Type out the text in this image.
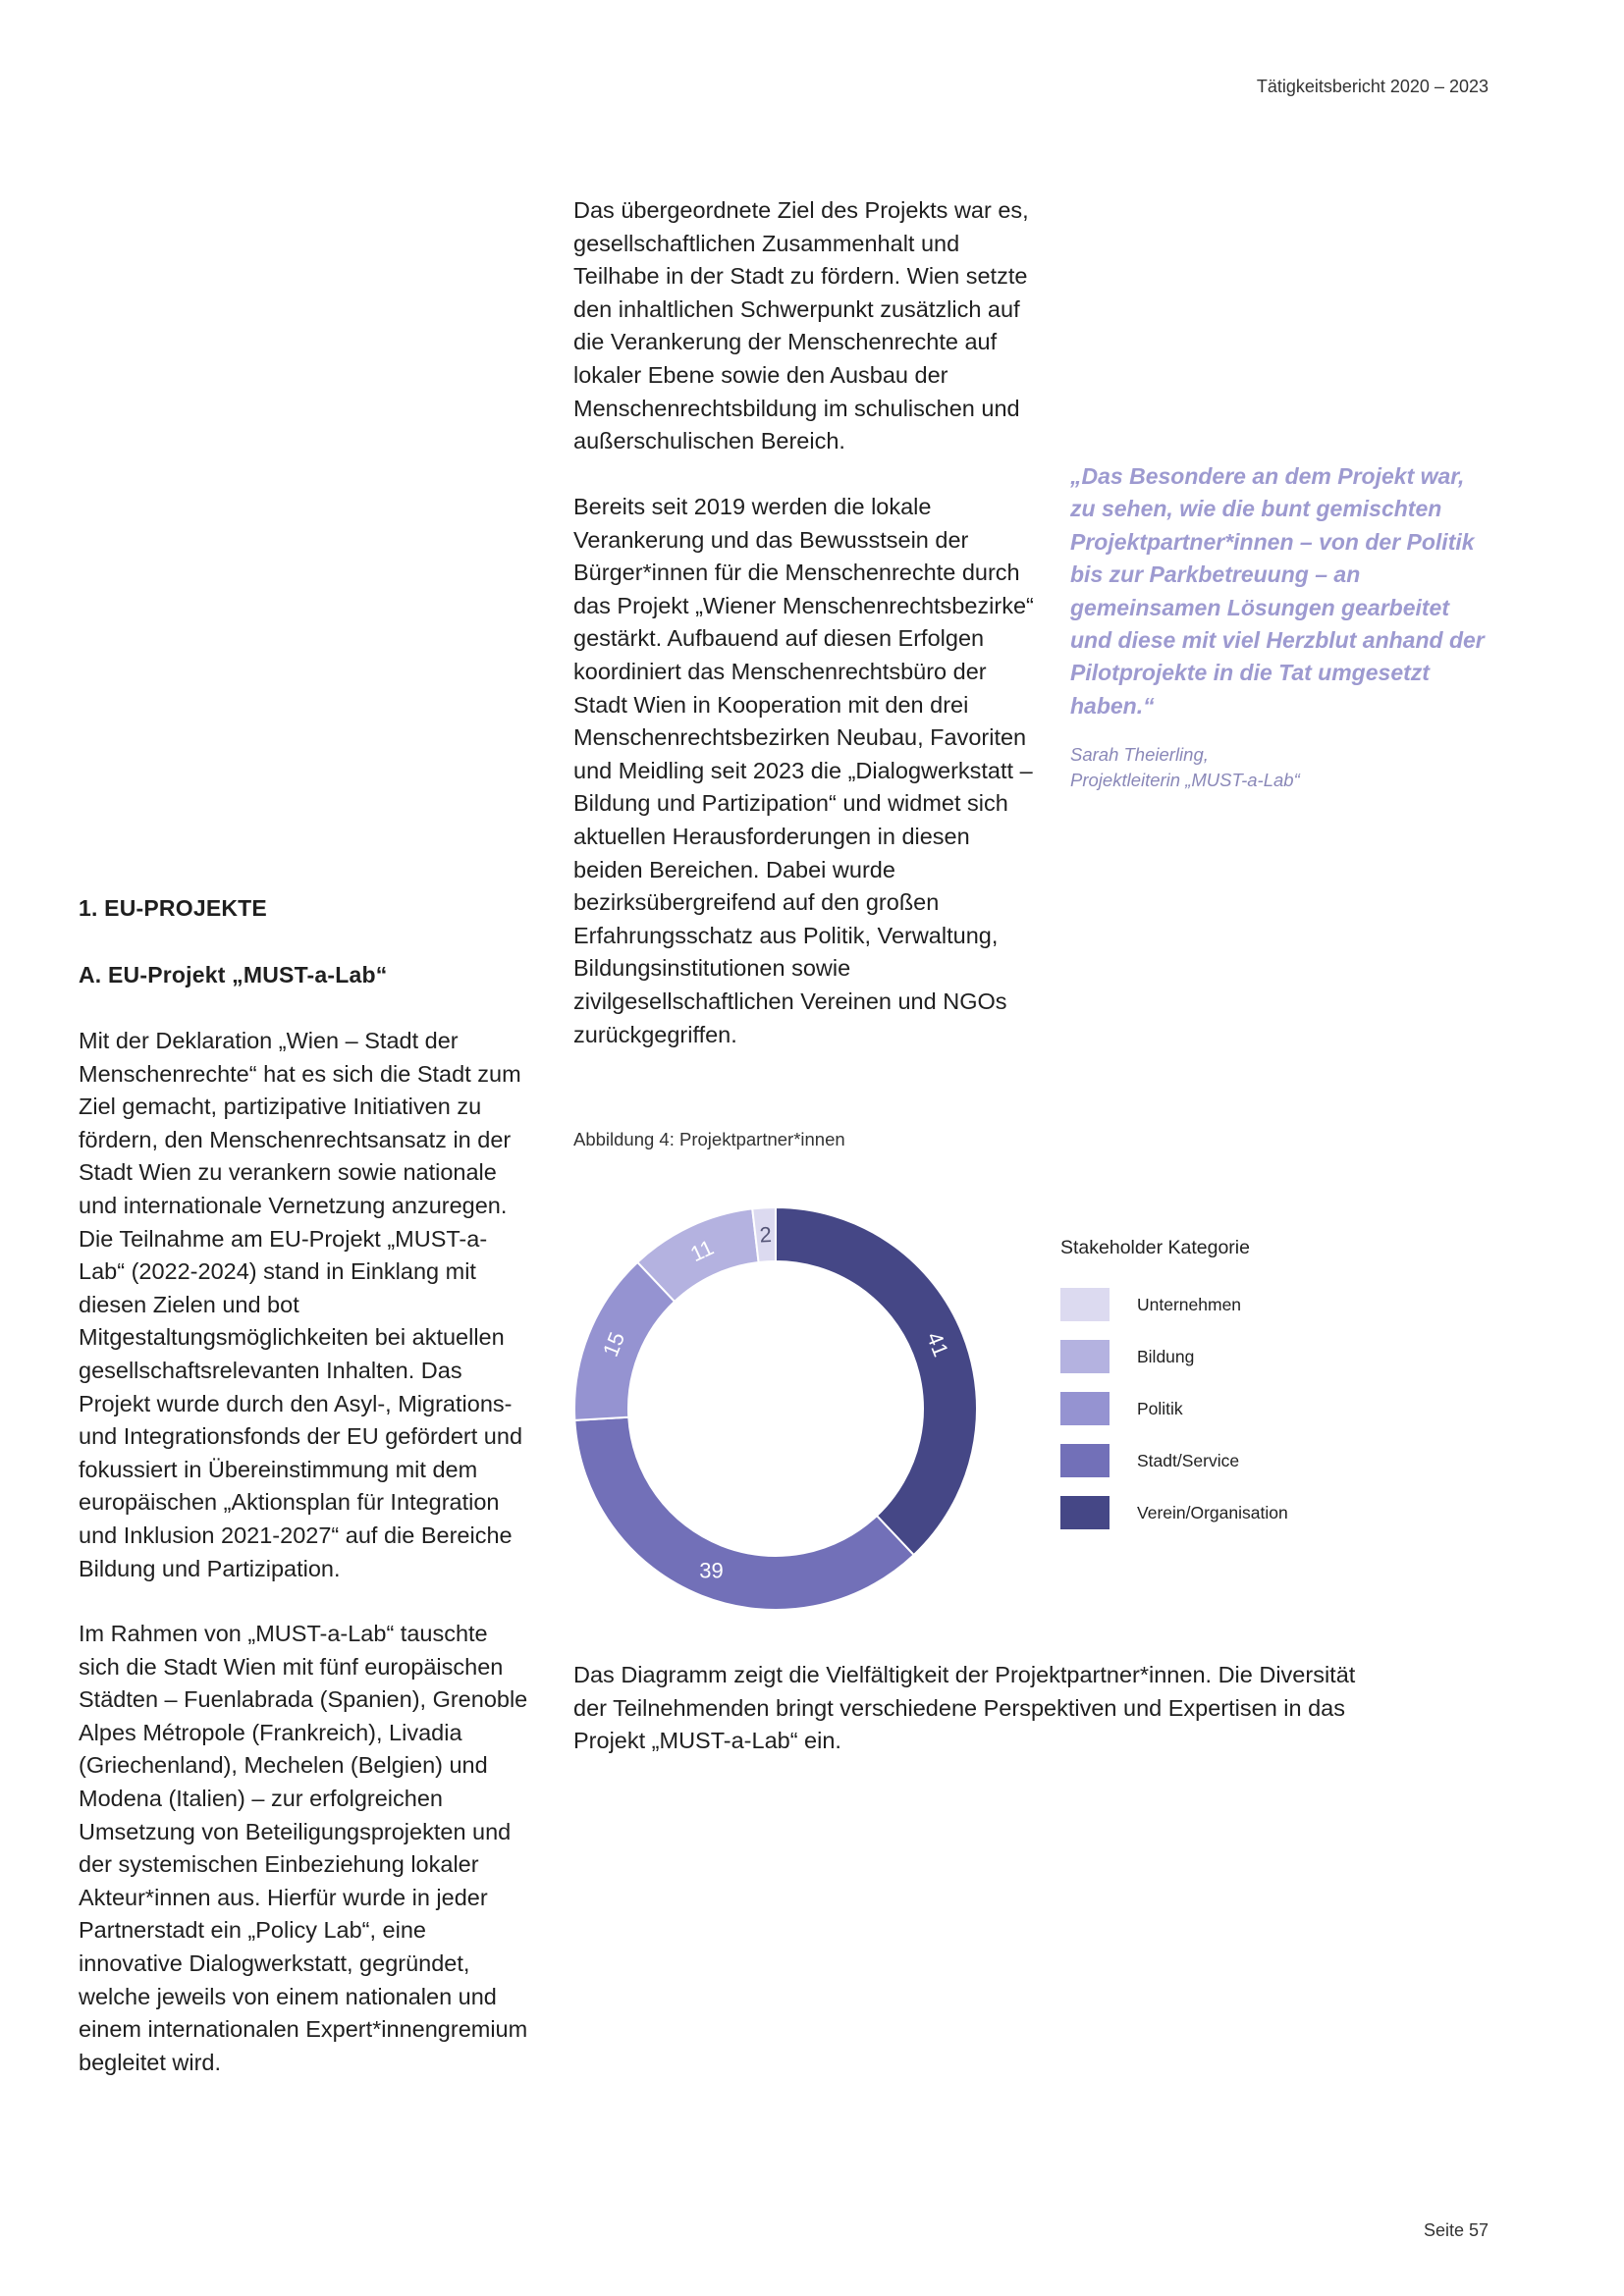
Tätigkeitsbericht 2020 – 2023
Seite 57

Das übergeordnete Ziel des Projekts war es, gesellschaftlichen Zusammenhalt und Teilhabe in der Stadt zu fördern. Wien setzte den inhaltlichen Schwerpunkt zusätzlich auf die Verankerung der Menschenrechte auf lokaler Ebene sowie den Ausbau der Menschenrechtsbildung im schulischen und außerschulischen Bereich.

Bereits seit 2019 werden die lokale Verankerung und das Bewusstsein der Bürger*innen für die Menschenrechte durch das Projekt „Wiener Menschenrechtsbezirke“ gestärkt. Aufbauend auf diesen Erfolgen koordiniert das Menschenrechtsbüro der Stadt Wien in Kooperation mit den drei Menschenrechtsbezirken Neubau, Favoriten und Meidling seit 2023 die „Dialogwerkstatt – Bildung und Partizipation“ und widmet sich aktuellen Herausforderungen in diesen beiden Bereichen. Dabei wurde bezirksübergreifend auf den großen Erfahrungsschatz aus Politik, Verwaltung, Bildungsinstitutionen sowie zivilgesellschaftlichen Vereinen und NGOs zurückgegriffen.

„Das Besondere an dem Projekt war, zu sehen, wie die bunt gemischten Projektpartner*innen – von der Politik bis zur Parkbetreuung – an gemeinsamen Lösungen gearbeitet und diese mit viel Herzblut anhand der Pilotprojekte in die Tat umgesetzt haben.“

Sarah Theierling,
Projektleiterin „MUST-a-Lab“
1. EU-PROJEKTE
A. EU-Projekt „MUST-a-Lab“

Mit der Deklaration „Wien – Stadt der Menschenrechte“ hat es sich die Stadt zum Ziel gemacht, partizipative Initiativen zu fördern, den Menschenrechtsansatz in der Stadt Wien zu verankern sowie nationale und internationale Vernetzung anzuregen. Die Teilnahme am EU-Projekt „MUST-a-Lab“ (2022-2024) stand in Einklang mit diesen Zielen und bot Mitgestaltungsmöglichkeiten bei aktuellen gesellschaftsrelevanten Inhalten. Das Projekt wurde durch den Asyl-, Migrations- und Integrationsfonds der EU gefördert und fokussiert in Übereinstimmung mit dem europäischen „Aktionsplan für Integration und Inklusion 2021-2027“ auf die Bereiche Bildung und Partizipation.

Im Rahmen von „MUST-a-Lab“ tauschte sich die Stadt Wien mit fünf europäischen Städten – Fuenlabrada (Spanien), Grenoble Alpes Métropole (Frankreich), Livadia (Griechenland), Mechelen (Belgien) und Modena (Italien) – zur erfolgreichen Umsetzung von Beteiligungsprojekten und der systemischen Einbeziehung lokaler Akteur*innen aus. Hierfür wurde in jeder Partnerstadt ein „Policy Lab“, eine innovative Dialogwerkstatt, gegründet, welche jeweils von einem nationalen und einem internationalen Expert*innengremium begleitet wird.

Abbildung 4: Projektpartner*innen
41
39
15
11
2
Stakeholder Kategorie
Unternehmen
Bildung
Politik
Stadt/Service
Verein/Organisation

Das Diagramm zeigt die Vielfältigkeit der Projektpartner*innen. Die Diversität der Teilnehmenden bringt verschiedene Perspektiven und Expertisen in das Projekt „MUST-a-Lab“ ein.
